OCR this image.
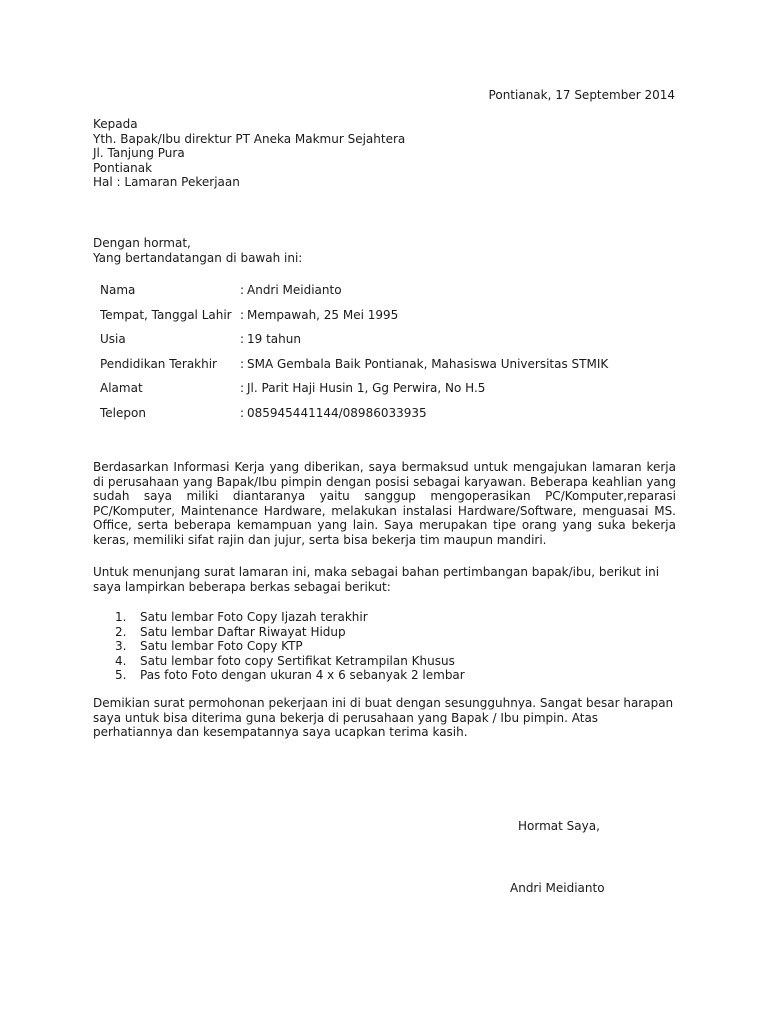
Pontianak, 17 September 2014
Kepada
Yth. Bapak/Ibu direktur PT Aneka Makmur Sejahtera
Jl. Tanjung Pura
Pontianak
Hal : Lamaran Pekerjaan
Dengan hormat,
Yang bertandatangan di bawah ini:
Nama	: Andri Meidianto
Tempat, Tanggal Lahir : Mempawah, 25 Mei 1995
Usia	: 19 tahun
Pendidikan Terakhir	: SMA Gembala Baik Pontianak, Mahasiswa Universitas STMIK
Alamat	: Jl. Parit Haji Husin 1, Gg Perwira, No H.5
Telepon	: 085945441144/08986033935
Berdasarkan Informasi Kerja yang diberikan, saya bermaksud untuk mengajukan lamaran kerja di perusahaan yang Bapak/Ibu pimpin dengan posisi sebagai karyawan. Beberapa keahlian yang sudah saya miliki diantaranya yaitu sanggup mengoperasikan PC/Komputer,reparasi PC/Komputer, Maintenance Hardware, melakukan instalasi Hardware/Software, menguasai MS. Office, serta beberapa kemampuan yang lain. Saya merupakan tipe orang yang suka bekerja keras, memiliki sifat rajin dan jujur, serta bisa bekerja tim maupun mandiri.
Untuk menunjang surat lamaran ini, maka sebagai bahan pertimbangan bapak/ibu, berikut ini saya lampirkan beberapa berkas sebagai berikut:
1.	Satu lembar Foto Copy Ijazah terakhir
2.	Satu lembar Daftar Riwayat Hidup
3.	Satu lembar Foto Copy KTP
4.	Satu lembar foto copy Sertifikat Ketrampilan Khusus
5.	Pas foto Foto dengan ukuran 4 x 6 sebanyak 2 lembar
Demikian surat permohonan pekerjaan ini di buat dengan sesungguhnya. Sangat besar harapan saya untuk bisa diterima guna bekerja di perusahaan yang Bapak / Ibu pimpin. Atas perhatiannya dan kesempatannya saya ucapkan terima kasih.
Hormat Saya,
Andri Meidianto
